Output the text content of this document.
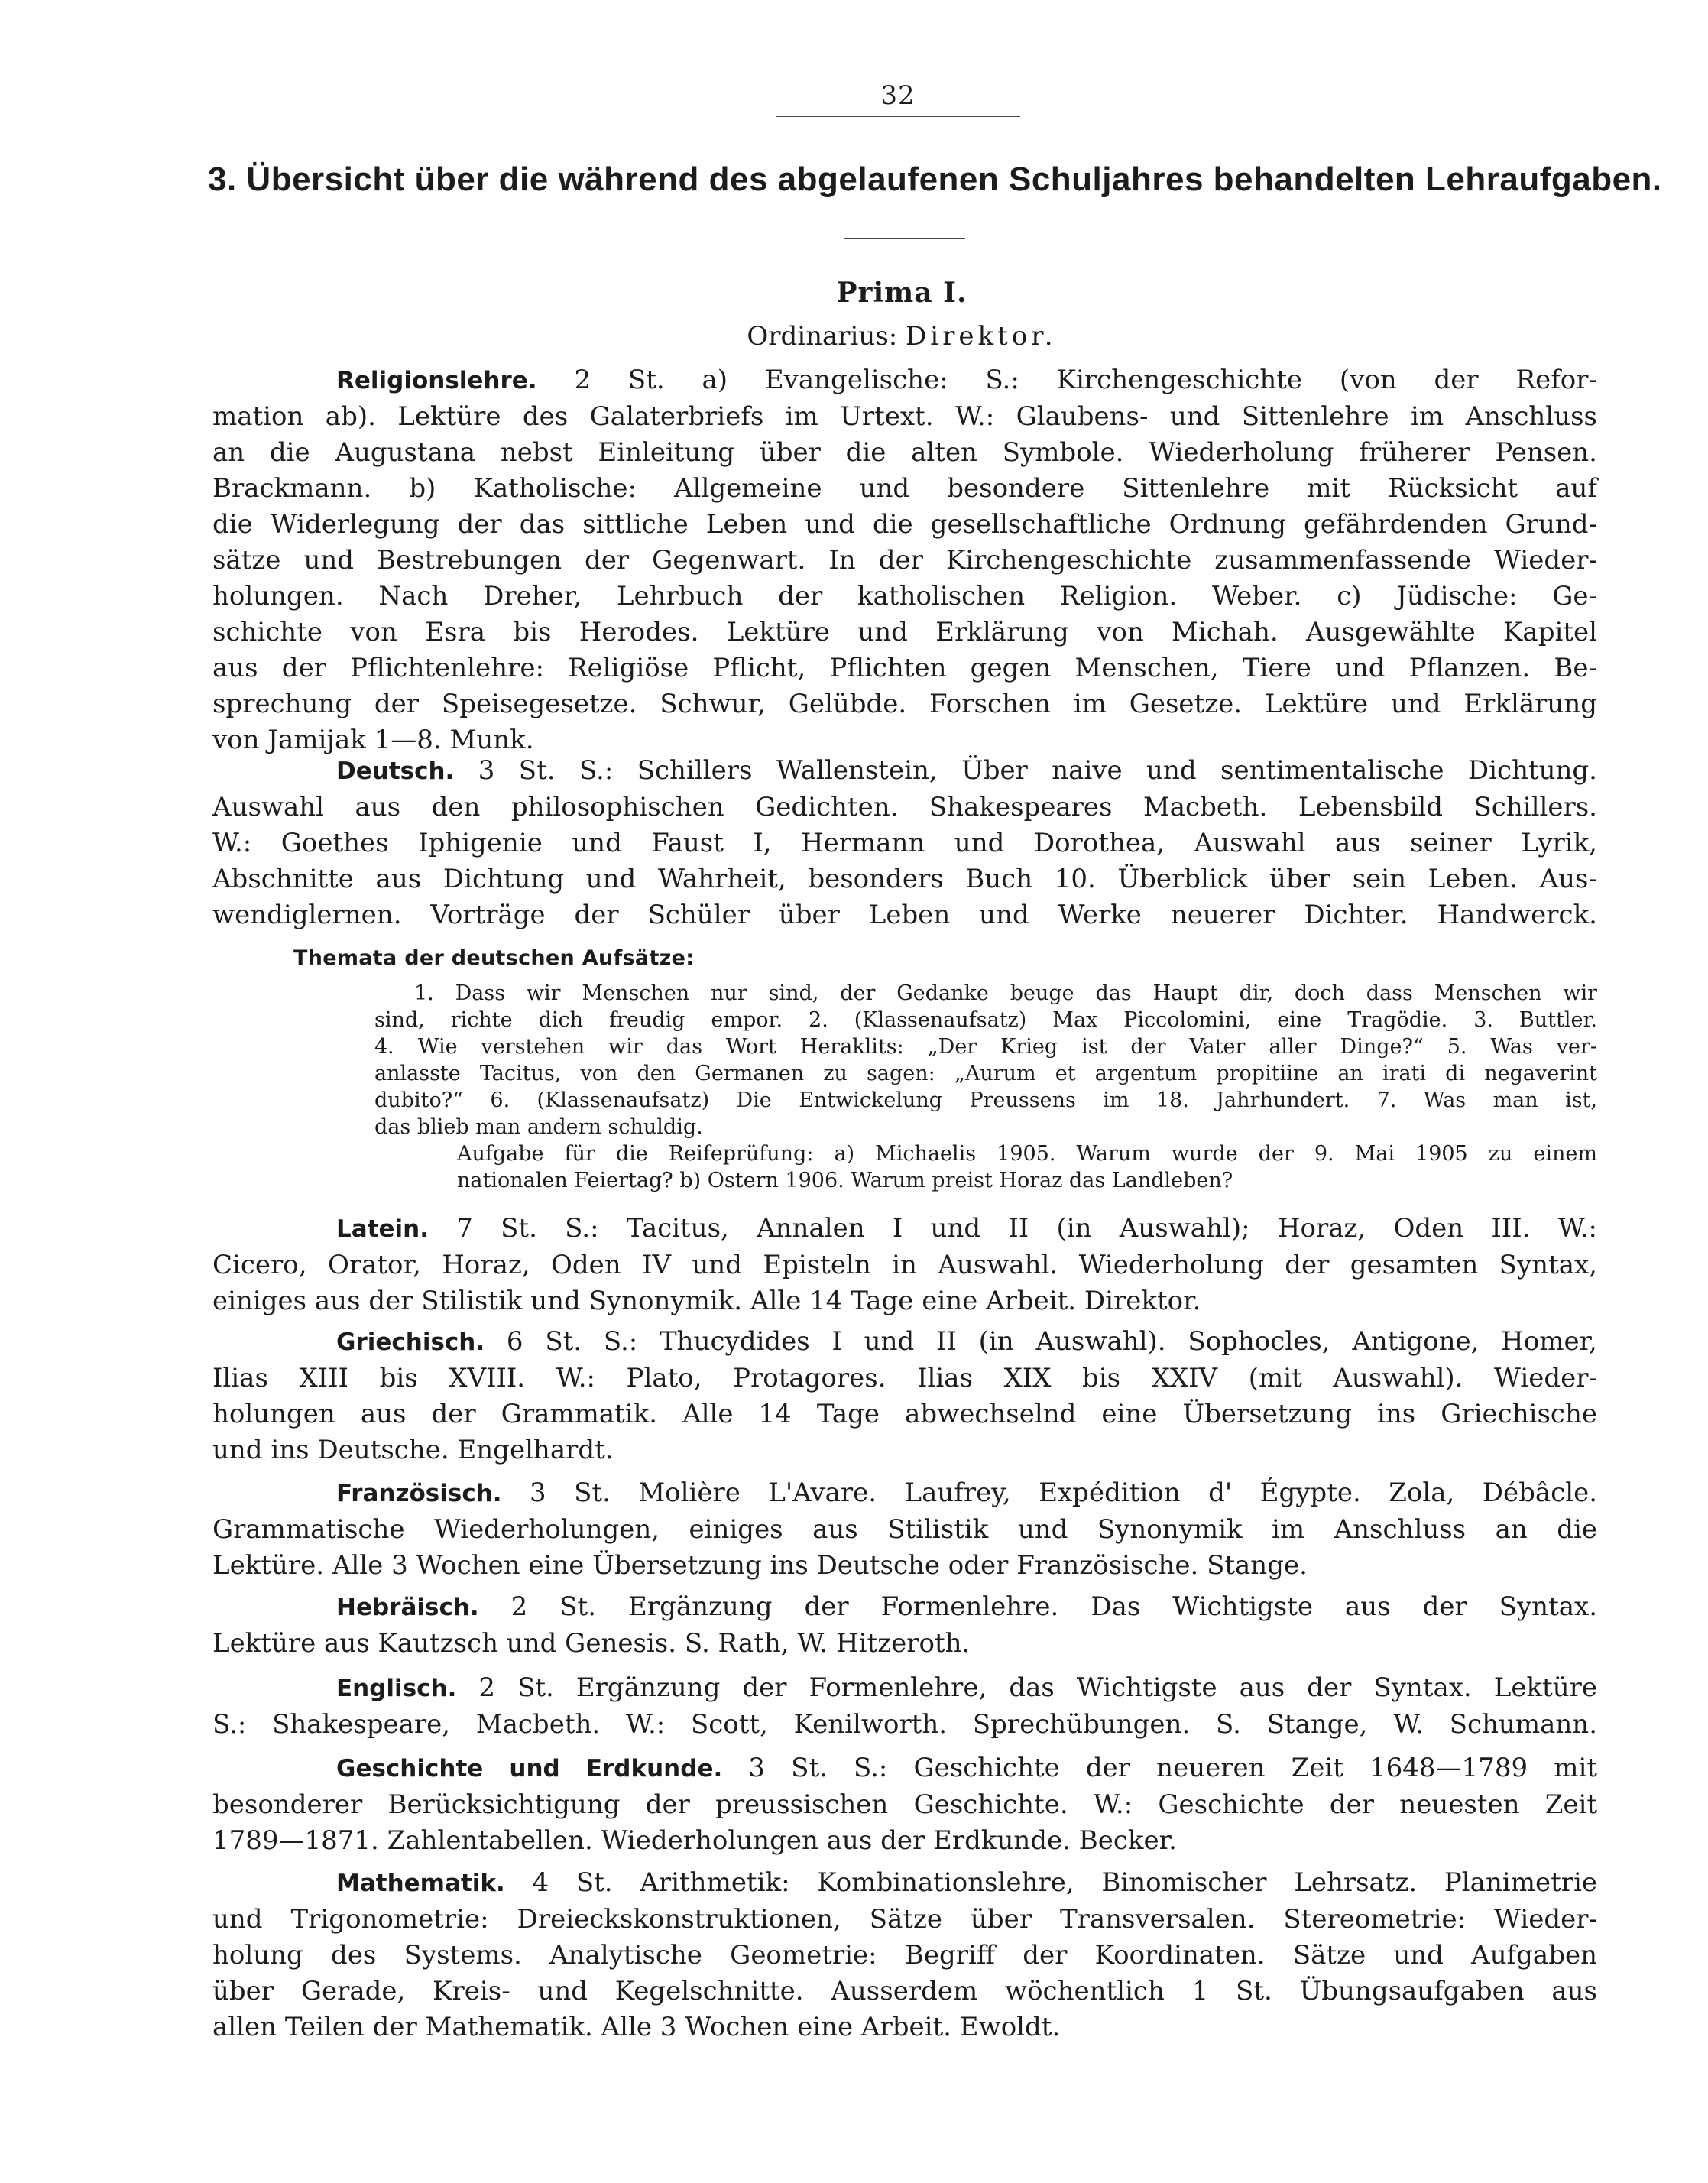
32
3. Übersicht über die während des abgelaufenen Schuljahres behandelten Lehraufgaben.
Prima I.
Ordinarius: Direktor.
Religionslehre. 2 St. a) Evangelische: S.: Kirchengeschichte (von der Refor-
mation ab). Lektüre des Galaterbriefs im Urtext. W.: Glaubens- und Sittenlehre im Anschluss
an die Augustana nebst Einleitung über die alten Symbole. Wiederholung früherer Pensen.
Brackmann. b) Katholische: Allgemeine und besondere Sittenlehre mit Rücksicht auf
die Widerlegung der das sittliche Leben und die gesellschaftliche Ordnung gefährdenden Grund-
sätze und Bestrebungen der Gegenwart. In der Kirchengeschichte zusammenfassende Wieder-
holungen. Nach Dreher, Lehrbuch der katholischen Religion. Weber. c) Jüdische: Ge-
schichte von Esra bis Herodes. Lektüre und Erklärung von Michah. Ausgewählte Kapitel
aus der Pflichtenlehre: Religiöse Pflicht, Pflichten gegen Menschen, Tiere und Pflanzen. Be-
sprechung der Speisegesetze. Schwur, Gelübde. Forschen im Gesetze. Lektüre und Erklärung
von Jamijak 1—8. Munk.
Deutsch. 3 St. S.: Schillers Wallenstein, Über naive und sentimentalische Dichtung.
Auswahl aus den philosophischen Gedichten. Shakespeares Macbeth. Lebensbild Schillers.
W.: Goethes Iphigenie und Faust I, Hermann und Dorothea, Auswahl aus seiner Lyrik,
Abschnitte aus Dichtung und Wahrheit, besonders Buch 10. Überblick über sein Leben. Aus-
wendiglernen. Vorträge der Schüler über Leben und Werke neuerer Dichter. Handwerck.
Themata der deutschen Aufsätze:
1. Dass wir Menschen nur sind, der Gedanke beuge das Haupt dir, doch dass Menschen wir
sind, richte dich freudig empor. 2. (Klassenaufsatz) Max Piccolomini, eine Tragödie. 3. Buttler.
4. Wie verstehen wir das Wort Heraklits: „Der Krieg ist der Vater aller Dinge?“ 5. Was ver-
anlasste Tacitus, von den Germanen zu sagen: „Aurum et argentum propitiine an irati di negaverint
dubito?“ 6. (Klassenaufsatz) Die Entwickelung Preussens im 18. Jahrhundert. 7. Was man ist,
das blieb man andern schuldig.
Aufgabe für die Reifeprüfung: a) Michaelis 1905. Warum wurde der 9. Mai 1905 zu einem
nationalen Feiertag? b) Ostern 1906. Warum preist Horaz das Landleben?
Latein. 7 St. S.: Tacitus, Annalen I und II (in Auswahl); Horaz, Oden III. W.:
Cicero, Orator, Horaz, Oden IV und Episteln in Auswahl. Wiederholung der gesamten Syntax,
einiges aus der Stilistik und Synonymik. Alle 14 Tage eine Arbeit. Direktor.
Griechisch. 6 St. S.: Thucydides I und II (in Auswahl). Sophocles, Antigone, Homer,
Ilias XIII bis XVIII. W.: Plato, Protagores. Ilias XIX bis XXIV (mit Auswahl). Wieder-
holungen aus der Grammatik. Alle 14 Tage abwechselnd eine Übersetzung ins Griechische
und ins Deutsche. Engelhardt.
Französisch. 3 St. Molière L'Avare. Laufrey, Expédition d' Égypte. Zola, Débâcle.
Grammatische Wiederholungen, einiges aus Stilistik und Synonymik im Anschluss an die
Lektüre. Alle 3 Wochen eine Übersetzung ins Deutsche oder Französische. Stange.
Hebräisch. 2 St. Ergänzung der Formenlehre. Das Wichtigste aus der Syntax.
Lektüre aus Kautzsch und Genesis. S. Rath, W. Hitzeroth.
Englisch. 2 St. Ergänzung der Formenlehre, das Wichtigste aus der Syntax. Lektüre
S.: Shakespeare, Macbeth. W.: Scott, Kenilworth. Sprechübungen. S. Stange, W. Schumann.
Geschichte und Erdkunde. 3 St. S.: Geschichte der neueren Zeit 1648—1789 mit
besonderer Berücksichtigung der preussischen Geschichte. W.: Geschichte der neuesten Zeit
1789—1871. Zahlentabellen. Wiederholungen aus der Erdkunde. Becker.
Mathematik. 4 St. Arithmetik: Kombinationslehre, Binomischer Lehrsatz. Planimetrie
und Trigonometrie: Dreieckskonstruktionen, Sätze über Transversalen. Stereometrie: Wieder-
holung des Systems. Analytische Geometrie: Begriff der Koordinaten. Sätze und Aufgaben
über Gerade, Kreis- und Kegelschnitte. Ausserdem wöchentlich 1 St. Übungsaufgaben aus
allen Teilen der Mathematik. Alle 3 Wochen eine Arbeit. Ewoldt.
